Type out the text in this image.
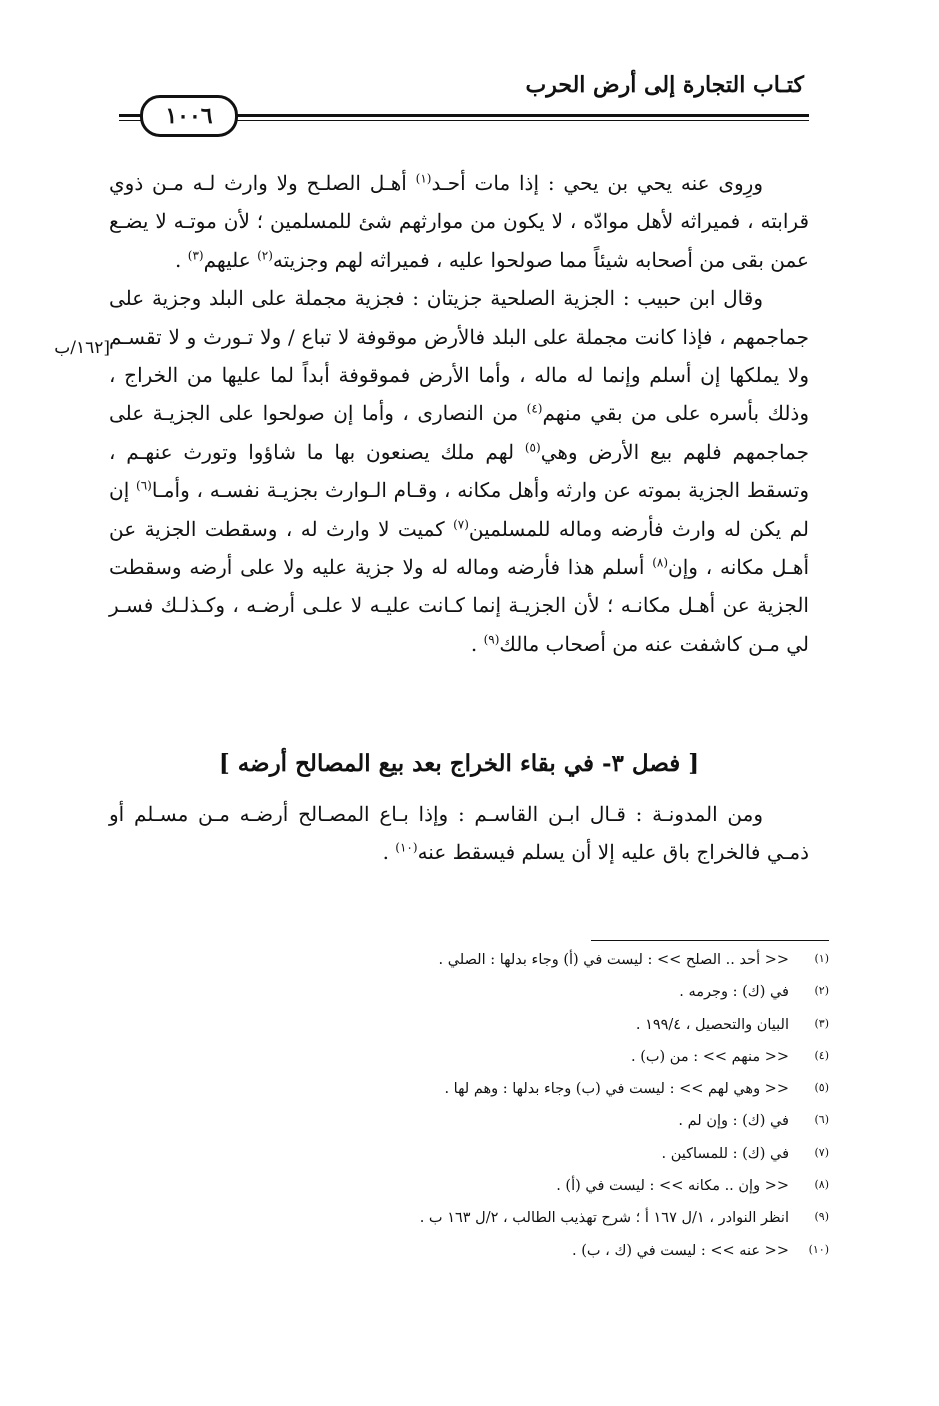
كتـاب التجارة إلى أرض الحرب
١٠٠٦
[١٦٢/ب

ورِوى عنه يحي بن يحي : إذا مات أحـد$^{(١)}$ أهـل الصلـح ولا وارث لـه مـن ذوي قرابته ، فميراثه لأهل موادّه ، لا يكون من موارثهم شئ للمسلمين ؛ لأن موتـه لا يضـع عمن بقى من أصحابه شيئاً مما صولحوا عليه ، فميراثه لهم وجزيته$^{(٢)}$ عليهم$^{(٣)}$ .

وقال ابن حبيب : الجزية الصلحية جزيتان : فجزية مجملة على البلد وجزية على جماجمهم ، فإذا كانت مجملة على البلد فالأرض موقوفة لا تباع / ولا تـورث و لا تقسـم ولا يملكها إن أسلم وإنما له ماله ، وأما الأرض فموقوفة أبداً لما عليها من الخراج ، وذلك بأسره على من بقي منهم$^{(٤)}$ من النصارى ، وأما إن صولحوا على الجزيـة على جماجمهم فلهم بيع الأرض وهي$^{(٥)}$ لهم ملك يصنعون بها ما شاؤوا وتورث عنهـم ، وتسقط الجزية بموته عن وارثه وأهل مكانه ، وقـام الـوارث بجزيـة نفسـه ، وأمـا$^{(٦)}$ إن لم يكن له وارث فأرضه وماله للمسلمين$^{(٧)}$ كميت لا وارث له ، وسقطت الجزية عن أهـل مكانه ، وإن$^{(٨)}$ أسلم هذا فأرضه وماله له ولا جزية عليه ولا على أرضه وسقطت الجزية عن أهـل مكانـه ؛ لأن الجزيـة إنما كـانت عليـه لا علـى أرضـه ، وكـذلـك فسـر لي مـن كاشفت عنه من أصحاب مالك$^{(٩)}$ .

[ فصل ٣- في بقاء الخراج بعد بيع المصالح أرضه ]

ومن المدونـة : قـال ابـن القاسـم : وإذا بـاع المصـالح أرضـه مـن مسـلم أو ذمـي فالخراج باق عليه إلا أن يسلم فيسقط عنه$^{(١٠)}$ .

(١)
<< أحد .. الصلح >> : ليست في (أ) وجاء بدلها : الصلي .
(٢)
في (ك) : وجرمه .
(٣)
البيان والتحصيل ، ١٩٩/٤ .
(٤)
<< منهم >> : من (ب) .
(٥)
<< وهي لهم >> : ليست في (ب) وجاء بدلها : وهم لها .
(٦)
في (ك) : وإن لم .
(٧)
في (ك) : للمساكين .
(٨)
<< وإن .. مكانه >> : ليست في (أ) .
(٩)
انظر النوادر ، ١/ل ١٦٧ أ ؛ شرح تهذيب الطالب ، ٢/ل ١٦٣ ب .
(١٠)
<< عنه >> : ليست في (ك ، ب) .
